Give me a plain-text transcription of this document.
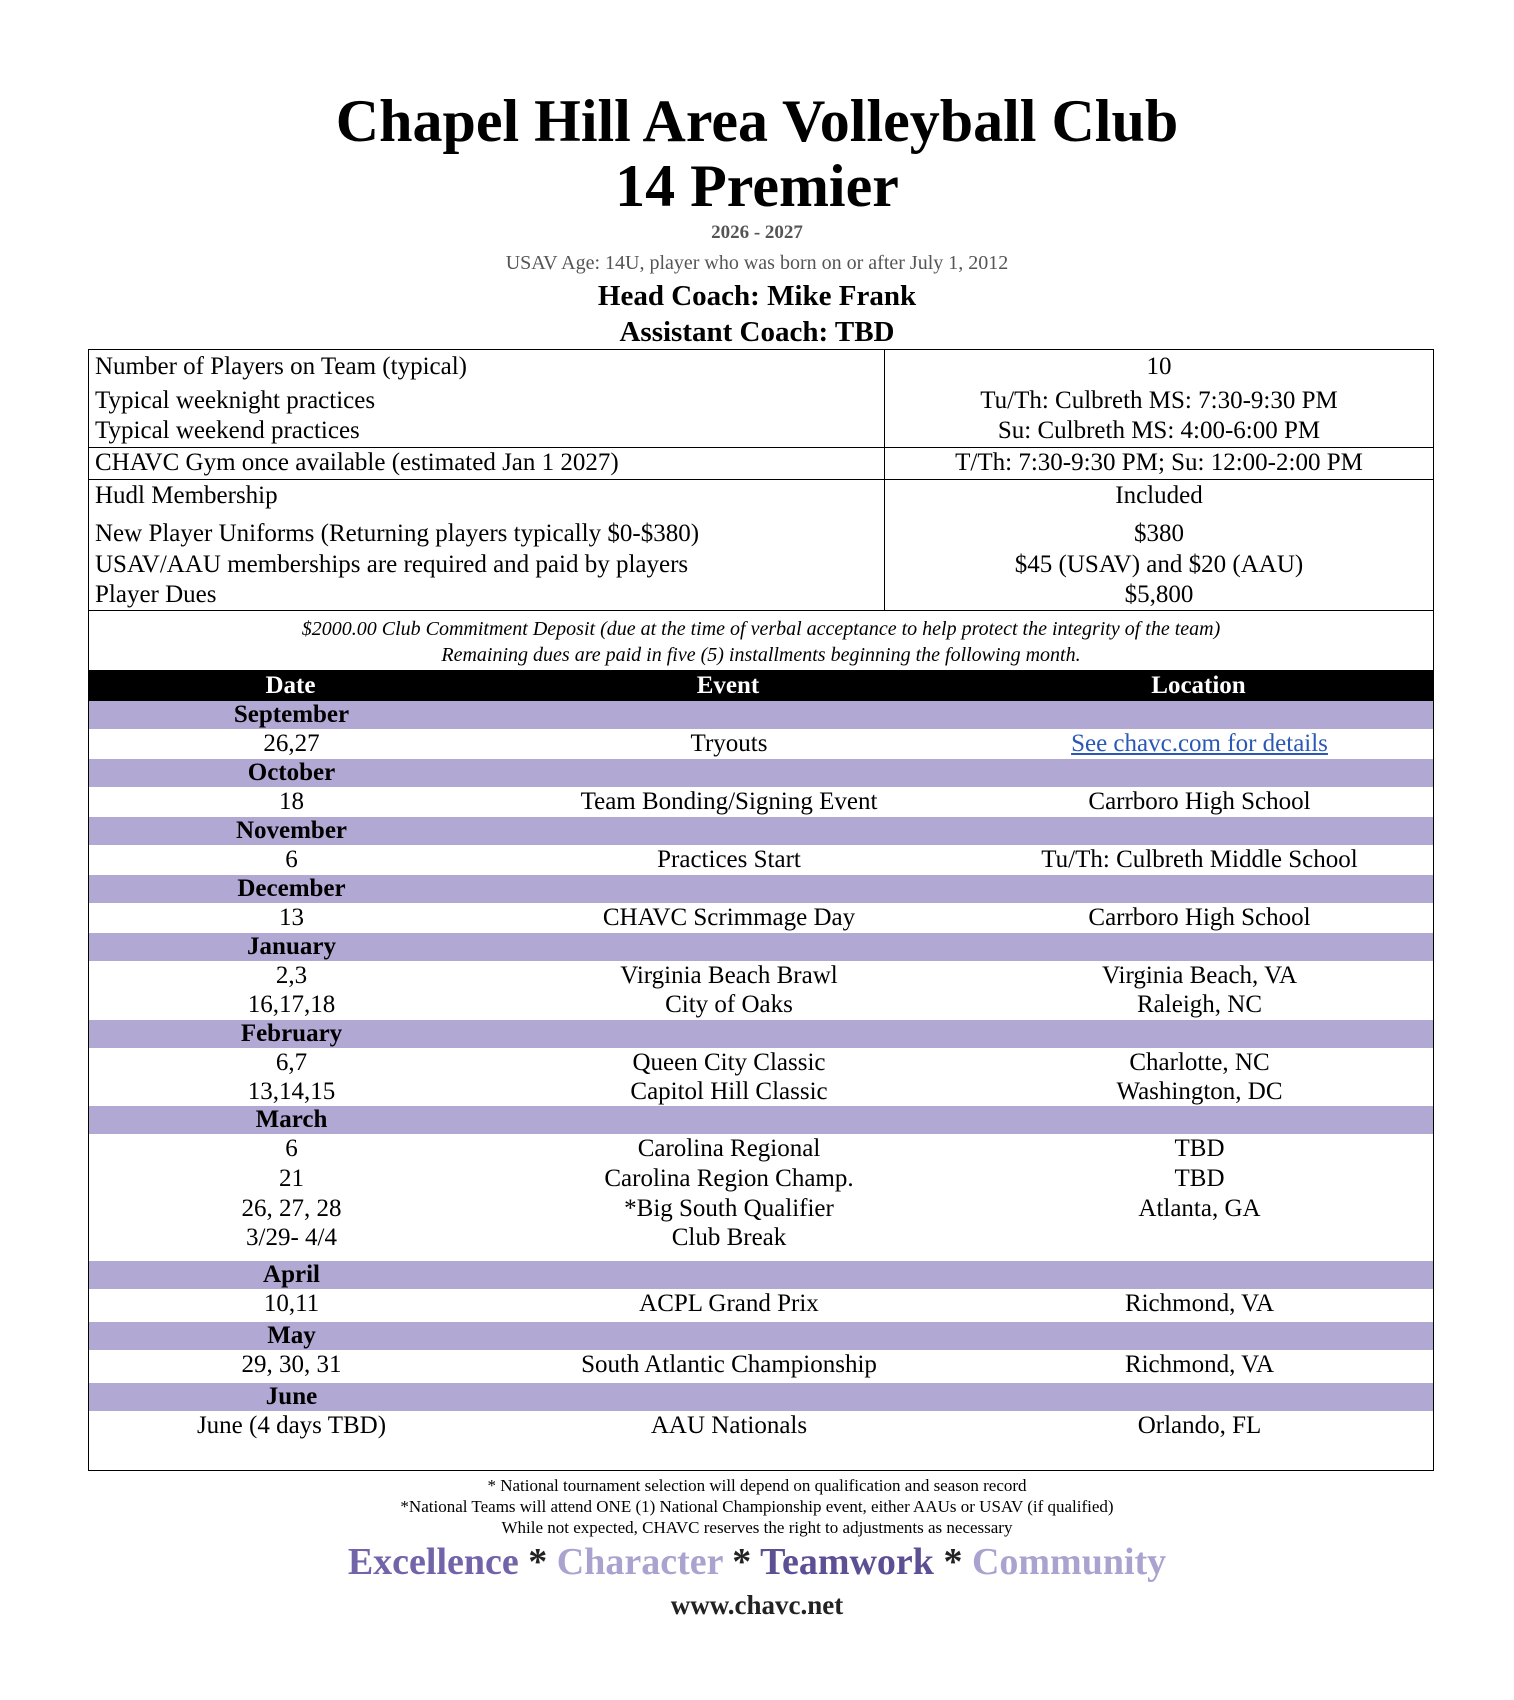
Chapel Hill Area Volleyball Club
14 Premier
2026 - 2027
USAV Age: 14U, player who was born on or after July 1, 2012
Head Coach: Mike Frank
Assistant Coach: TBD
Number of Players on Team (typical)	10
Typical weeknight practices	Tu/Th: Culbreth MS: 7:30-9:30 PM
Typical weekend practices	Su: Culbreth MS: 4:00-6:00 PM
CHAVC Gym once available (estimated Jan 1 2027)	T/Th: 7:30-9:30 PM; Su: 12:00-2:00 PM
Hudl Membership	Included
New Player Uniforms (Returning players typically $0-$380)	$380
USAV/AAU memberships are required and paid by players	$45 (USAV) and $20 (AAU)
Player Dues	$5,800
$2000.00 Club Commitment Deposit (due at the time of verbal acceptance to help protect the integrity of the team)
Remaining dues are paid in five (5) installments beginning the following month.
Date	Event	Location
September
26,27	Tryouts	See chavc.com for details
October
18	Team Bonding/Signing Event	Carrboro High School
November
6	Practices Start	Tu/Th: Culbreth Middle School
December
13	CHAVC Scrimmage Day	Carrboro High School
January
2,3	Virginia Beach Brawl	Virginia Beach, VA
16,17,18	City of Oaks	Raleigh, NC
February
6,7	Queen City Classic	Charlotte, NC
13,14,15	Capitol Hill Classic	Washington, DC
March
6	Carolina Regional	TBD
21	Carolina Region Champ.	TBD
26, 27, 28	*Big South Qualifier	Atlanta, GA
3/29- 4/4	Club Break
April
10,11	ACPL Grand Prix	Richmond, VA
May
29, 30, 31	South Atlantic Championship	Richmond, VA
June
June (4 days TBD)	AAU Nationals	Orlando, FL
* National tournament selection will depend on qualification and season record
*National Teams will attend ONE (1) National Championship event, either AAUs or USAV (if qualified)
While not expected, CHAVC reserves the right to adjustments as necessary
Excellence * Character * Teamwork * Community
www.chavc.net
